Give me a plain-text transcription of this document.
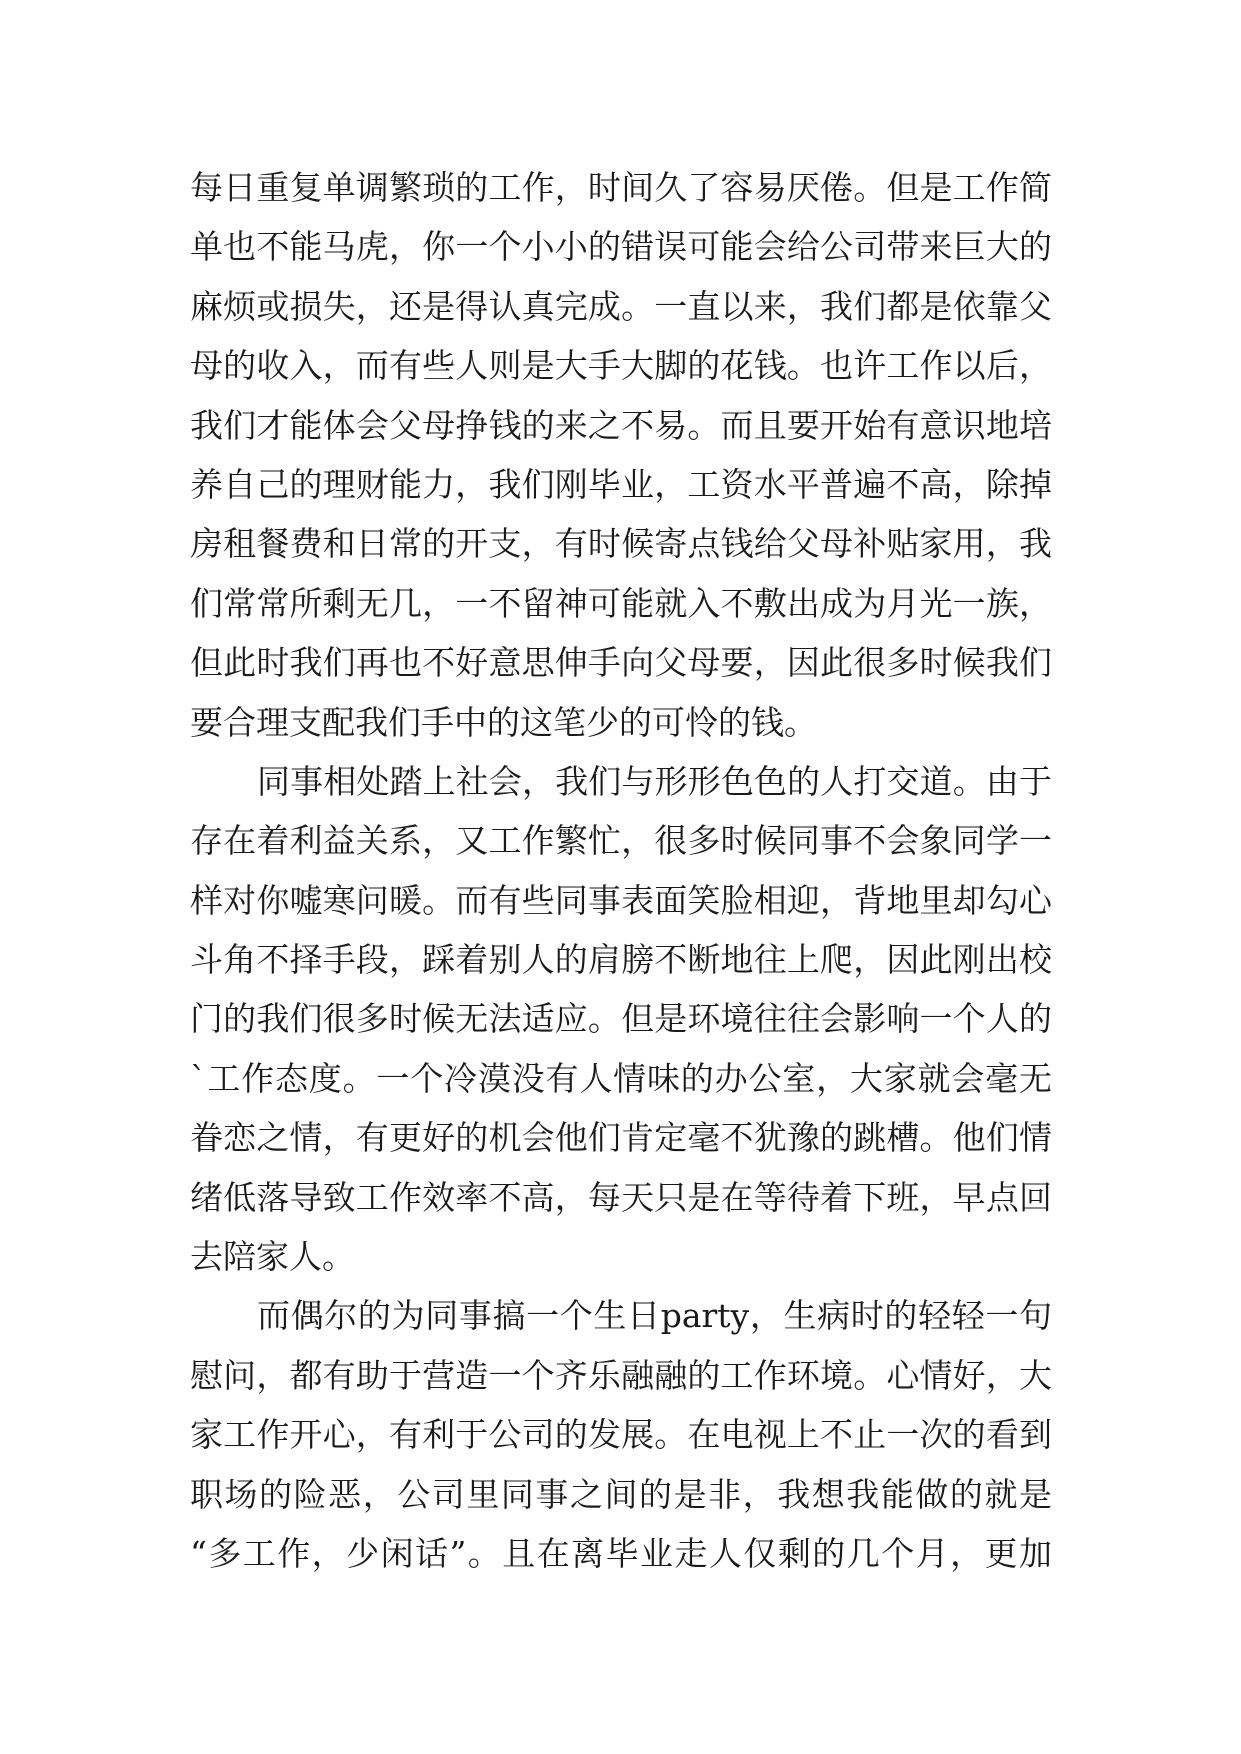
每日重复单调繁琐的工作，时间久了容易厌倦。但是工作简
单也不能马虎，你一个小小的错误可能会给公司带来巨大的
麻烦或损失，还是得认真完成。一直以来，我们都是依靠父
母的收入，而有些人则是大手大脚的花钱。也许工作以后，
我们才能体会父母挣钱的来之不易。而且要开始有意识地培
养自己的理财能力，我们刚毕业，工资水平普遍不高，除掉
房租餐费和日常的开支，有时候寄点钱给父母补贴家用，我
们常常所剩无几，一不留神可能就入不敷出成为月光一族，
但此时我们再也不好意思伸手向父母要，因此很多时候我们
要合理支配我们手中的这笔少的可怜的钱。
同事相处踏上社会，我们与形形色色的人打交道。由于
存在着利益关系，又工作繁忙，很多时候同事不会象同学一
样对你嘘寒问暖。而有些同事表面笑脸相迎，背地里却勾心
斗角不择手段，踩着别人的肩膀不断地往上爬，因此刚出校
门的我们很多时候无法适应。但是环境往往会影响一个人的
`工作态度。一个冷漠没有人情味的办公室，大家就会毫无
眷恋之情，有更好的机会他们肯定毫不犹豫的跳槽。他们情
绪低落导致工作效率不高，每天只是在等待着下班，早点回
去陪家人。
而偶尔的为同事搞一个生日party，生病时的轻轻一句
慰问，都有助于营造一个齐乐融融的工作环境。心情好，大
家工作开心，有利于公司的发展。在电视上不止一次的看到
职场的险恶，公司里同事之间的是非，我想我能做的就是
“多工作，少闲话”。且在离毕业走人仅剩的几个月，更加
